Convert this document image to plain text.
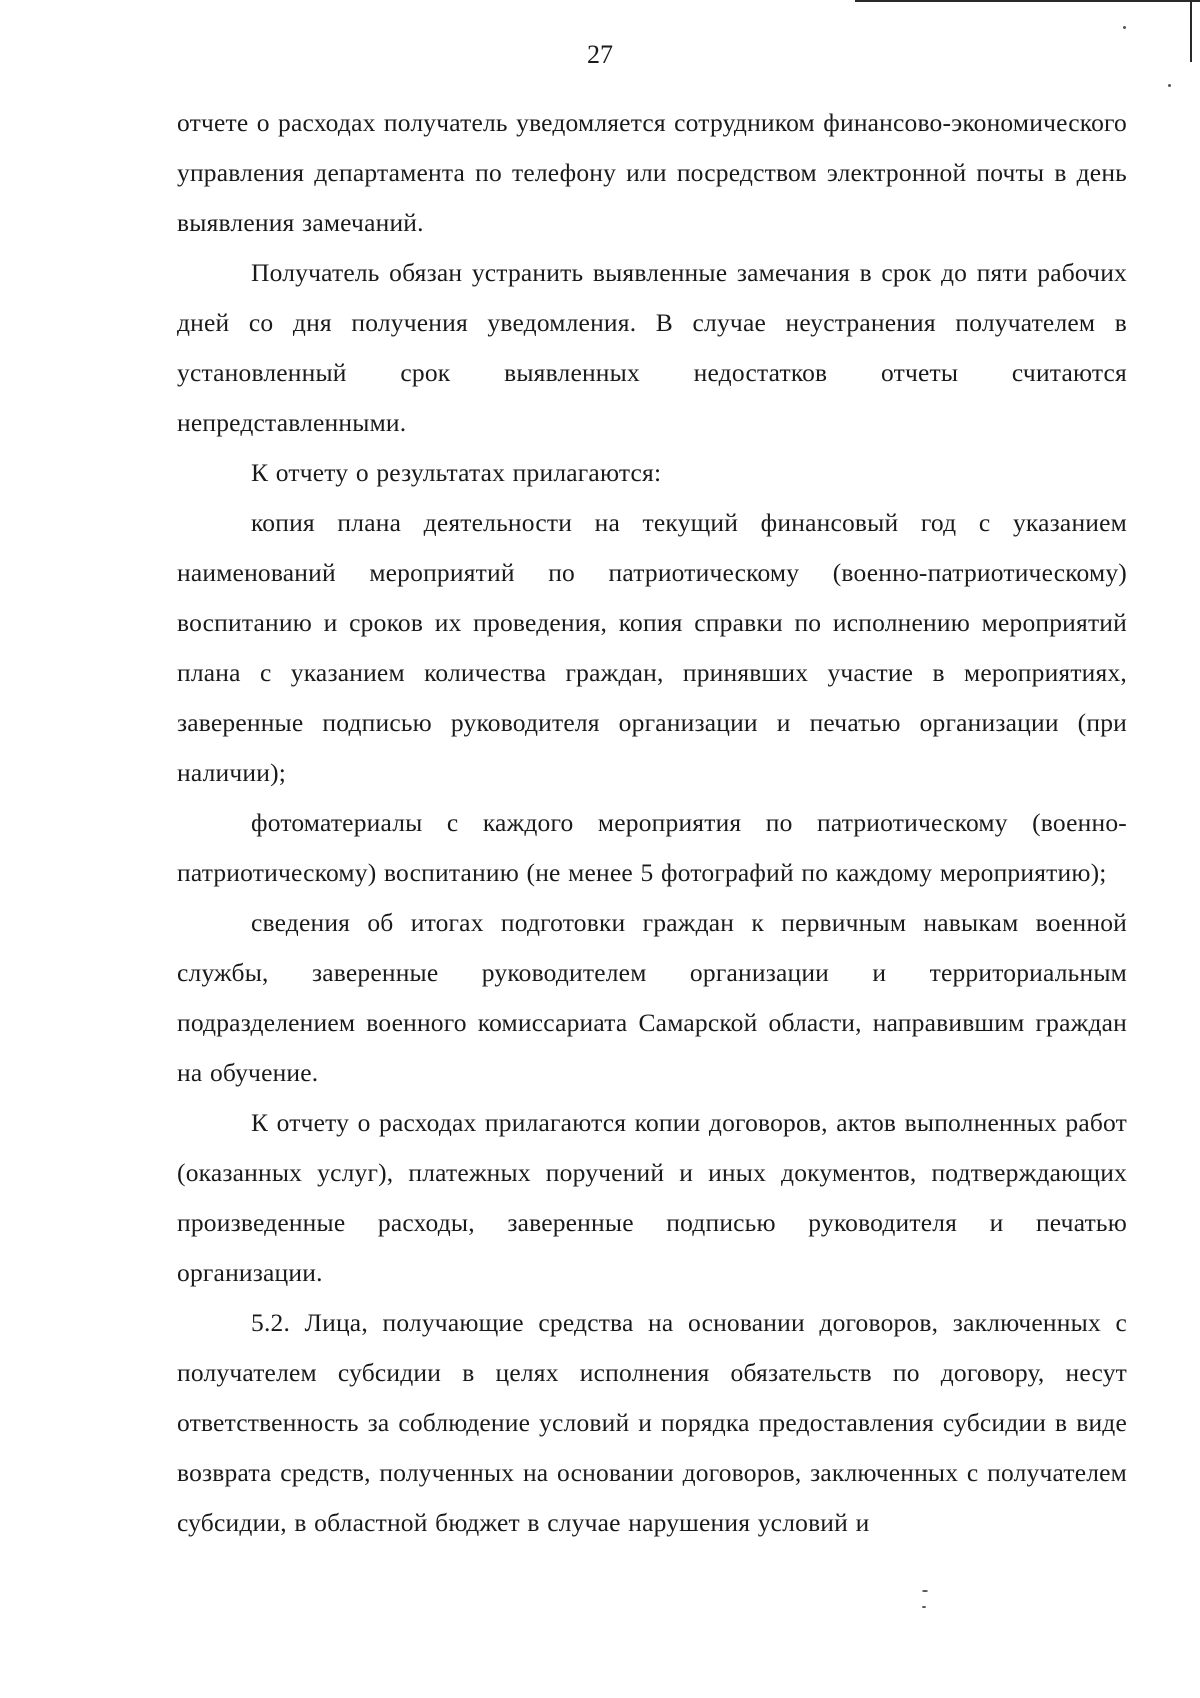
27

отчете о расходах получатель уведомляется сотрудником финансово-экономического управления департамента по телефону или посредством электронной почты в день выявления замечаний.

Получатель обязан устранить выявленные замечания в срок до пяти рабочих дней со дня получения уведомления. В случае неустранения получателем в установленный срок выявленных недостатков отчеты считаются непредставленными.

К отчету о результатах прилагаются:

копия плана деятельности на текущий финансовый год с указанием наименований мероприятий по патриотическому (военно-патриотическому) воспитанию и сроков их проведения, копия справки по исполнению мероприятий плана с указанием количества граждан, принявших участие в мероприятиях, заверенные подписью руководителя организации и печатью организации (при наличии);

фотоматериалы с каждого мероприятия по патриотическому (военно-патриотическому) воспитанию (не менее 5 фотографий по каждому мероприятию);

сведения об итогах подготовки граждан к первичным навыкам военной службы, заверенные руководителем организации и территориальным подразделением военного комиссариата Самарской области, направившим граждан на обучение.

К отчету о расходах прилагаются копии договоров, актов выполненных работ (оказанных услуг), платежных поручений и иных документов, подтверждающих произведенные расходы, заверенные подписью руководителя и печатью организации.

5.2. Лица, получающие средства на основании договоров, заключенных с получателем субсидии в целях исполнения обязательств по договору, несут ответственность за соблюдение условий и порядка предоставления субсидии в виде возврата средств, полученных на основании договоров, заключенных с получателем субсидии, в областной бюджет в случае нарушения условий и
